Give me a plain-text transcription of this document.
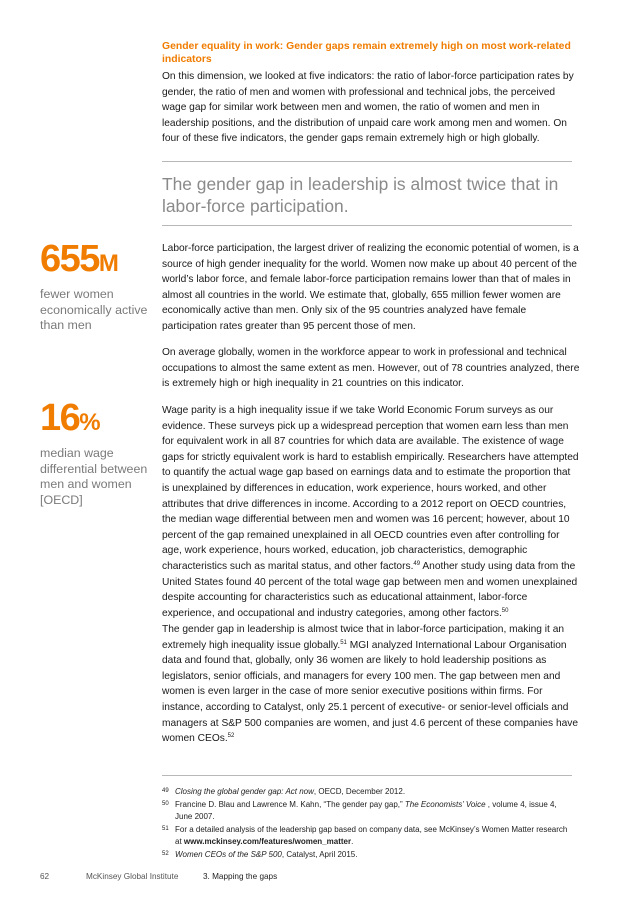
Gender equality in work: Gender gaps remain extremely high on most work-related indicators

On this dimension, we looked at five indicators: the ratio of labor-force participation rates by gender, the ratio of men and women with professional and technical jobs, the perceived wage gap for similar work between men and women, the ratio of women and men in leadership positions, and the distribution of unpaid care work among men and women. On four of these five indicators, the gender gaps remain extremely high or high globally.

The gender gap in leadership is almost twice that in labor-force participation.
655M
fewer women economically active than men
16%
median wage differential between men and women [OECD]

Labor-force participation, the largest driver of realizing the economic potential of women, is a source of high gender inequality for the world. Women now make up about 40 percent of the world’s labor force, and female labor-force participation remains lower than that of males in almost all countries in the world. We estimate that, globally, 655 million fewer women are economically active than men. Only six of the 95 countries analyzed have female participation rates greater than 95 percent those of men.

On average globally, women in the workforce appear to work in professional and technical occupations to almost the same extent as men. However, out of 78 countries analyzed, there is extremely high or high inequality in 21 countries on this indicator.

Wage parity is a high inequality issue if we take World Economic Forum surveys as our evidence. These surveys pick up a widespread perception that women earn less than men for equivalent work in all 87 countries for which data are available. The existence of wage gaps for strictly equivalent work is hard to establish empirically. Researchers have attempted to quantify the actual wage gap based on earnings data and to estimate the proportion that is unexplained by differences in education, work experience, hours worked, and other attributes that drive differences in income. According to a 2012 report on OECD countries, the median wage differential between men and women was 16 percent; however, about 10 percent of the gap remained unexplained in all OECD countries even after controlling for age, work experience, hours worked, education, job characteristics, demographic characteristics such as marital status, and other factors.$^{49}$ Another study using data from the United States found 40 percent of the total wage gap between men and women unexplained despite accounting for characteristics such as educational attainment, labor-force experience, and occupational and industry categories, among other factors.$^{50}$

The gender gap in leadership is almost twice that in labor-force participation, making it an extremely high inequality issue globally.$^{51}$ MGI analyzed International Labour Organisation data and found that, globally, only 36 women are likely to hold leadership positions as legislators, senior officials, and managers for every 100 men. The gap between men and women is even larger in the case of more senior executive positions within firms. For instance, according to Catalyst, only 25.1 percent of executive- or senior-level officials and managers at S&P 500 companies are women, and just 4.6 percent of these companies have women CEOs.$^{52}$

49 Closing the global gender gap: Act now, OECD, December 2012.
50 Francine D. Blau and Lawrence M. Kahn, “The gender pay gap,” The Economists’ Voice , volume 4, issue 4, June 2007.
51 For a detailed analysis of the leadership gap based on company data, see McKinsey’s Women Matter research at www.mckinsey.com/features/women_matter.
52 Women CEOs of the S&P 500, Catalyst, April 2015.
62	McKinsey Global Institute	3. Mapping the gaps
